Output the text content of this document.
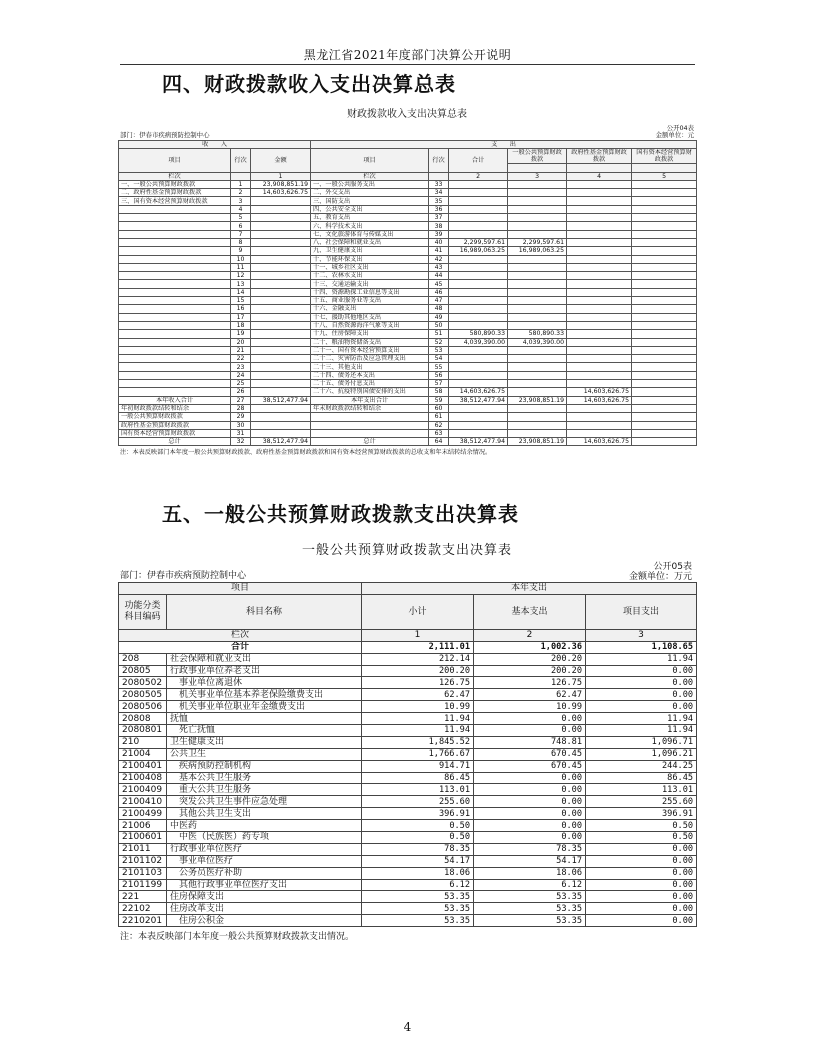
黑龙江省2021年度部门决算公开说明
四、财政拨款收入支出决算总表
财政拨款收入支出决算总表
部门：伊春市疾病预防控制中心
公开04表
金额单位：元
收　　入			支　　出					
项目	行次	金额	项目	行次	合计	一般公共预算财政拨款	政府性基金预算财政拨款	国有资本经营预算财政拨款

栏次		1	栏次		2	3	4	5
一、一般公共预算财政拨款	1	23,908,851.19	一、一般公共服务支出	33				
二、政府性基金预算财政拨款	2	14,603,626.75	二、外交支出	34				
三、国有资本经营预算财政拨款	3		三、国防支出	35				
	4		四、公共安全支出	36				
	5		五、教育支出	37				
	6		六、科学技术支出	38				
	7		七、文化旅游体育与传媒支出	39				
	8		八、社会保障和就业支出	40	2,299,597.61	2,299,597.61		
	9		九、卫生健康支出	41	16,989,063.25	16,989,063.25		
	10		十、节能环保支出	42				
	11		十一、城乡社区支出	43				
	12		十二、农林水支出	44				
	13		十三、交通运输支出	45				
	14		十四、资源勘探工业信息等支出	46				
	15		十五、商业服务业等支出	47				
	16		十六、金融支出	48				
	17		十七、援助其他地区支出	49				
	18		十八、自然资源海洋气象等支出	50				
	19		十九、住房保障支出	51	580,890.33	580,890.33		
	20		二十、粮油物资储备支出	52	4,039,390.00	4,039,390.00		
	21		二十一、国有资本经营预算支出	53				
	22		二十二、灾害防治及应急管理支出	54				
	23		二十三、其他支出	55				
	24		二十四、债务还本支出	56				
	25		二十五、债务付息支出	57				
	26		二十六、抗疫特别国债安排的支出	58	14,603,626.75		14,603,626.75	
本年收入合计	27	38,512,477.94	本年支出合计	59	38,512,477.94	23,908,851.19	14,603,626.75	
年初财政拨款结转和结余	28		年末财政拨款结转和结余	60				
一般公共预算财政拨款	29			61				
政府性基金预算财政拨款	30			62				
国有资本经营预算财政拨款	31			63				
总计	32	38,512,477.94	总计	64	38,512,477.94	23,908,851.19	14,603,626.75	
注：本表反映部门本年度一般公共预算财政拨款、政府性基金预算财政拨款和国有资本经营预算财政拨款的总收支和年末结转结余情况。
五、一般公共预算财政拨款支出决算表
一般公共预算财政拨款支出决算表
部门：伊春市疾病预防控制中心
公开05表
金额单位：万元
项目		本年支出		
功能分类科目编码	科目名称	小计	基本支出	项目支出
栏次		1	2	3
合计		2,111.01	1,002.36	1,108.65
208	社会保障和就业支出	212.14	200.20	11.94
20805	行政事业单位养老支出	200.20	200.20	0.00
2080502	　事业单位离退休	126.75	126.75	0.00
2080505	　机关事业单位基本养老保险缴费支出	62.47	62.47	0.00
2080506	　机关事业单位职业年金缴费支出	10.99	10.99	0.00
20808	抚恤	11.94	0.00	11.94
2080801	　死亡抚恤	11.94	0.00	11.94
210	卫生健康支出	1,845.52	748.81	1,096.71
21004	公共卫生	1,766.67	670.45	1,096.21
2100401	　疾病预防控制机构	914.71	670.45	244.25
2100408	　基本公共卫生服务	86.45	0.00	86.45
2100409	　重大公共卫生服务	113.01	0.00	113.01
2100410	　突发公共卫生事件应急处理	255.60	0.00	255.60
2100499	　其他公共卫生支出	396.91	0.00	396.91
21006	中医药	0.50	0.00	0.50
2100601	　中医（民族医）药专项	0.50	0.00	0.50
21011	行政事业单位医疗	78.35	78.35	0.00
2101102	　事业单位医疗	54.17	54.17	0.00
2101103	　公务员医疗补助	18.06	18.06	0.00
2101199	　其他行政事业单位医疗支出	6.12	6.12	0.00
221	住房保障支出	53.35	53.35	0.00
22102	住房改革支出	53.35	53.35	0.00
2210201	　住房公积金	53.35	53.35	0.00
注：本表反映部门本年度一般公共预算财政拨款支出情况。
4
